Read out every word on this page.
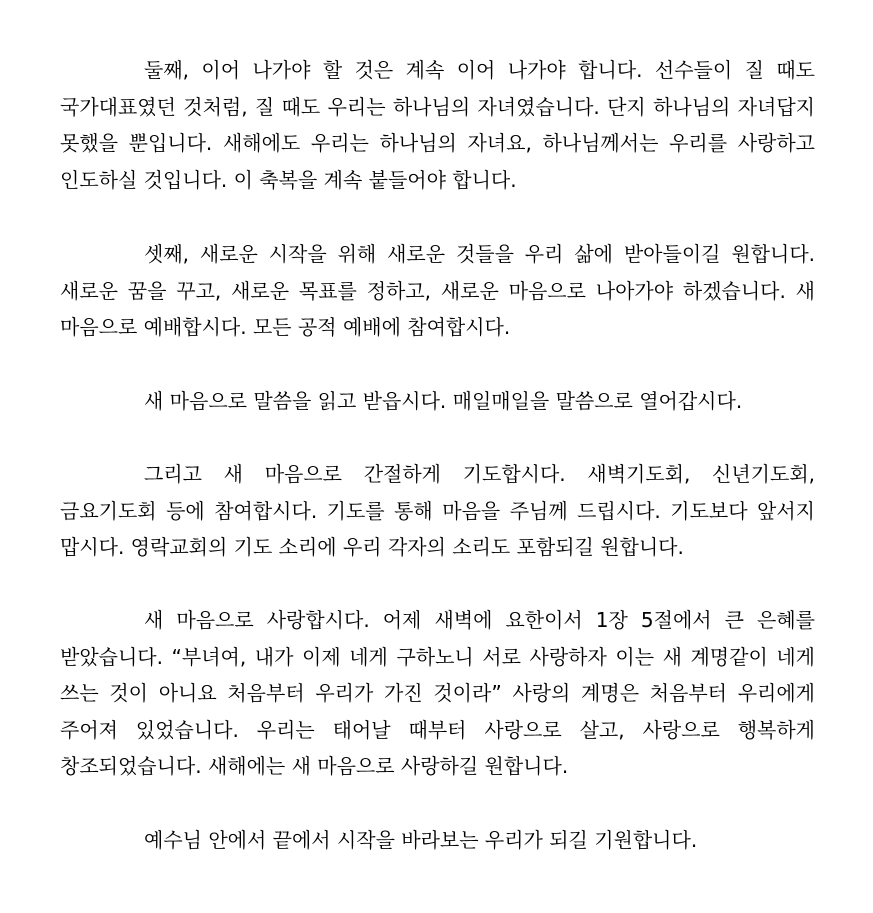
둘째, 이어 나가야 할 것은 계속 이어 나가야 합니다. 선수들이 질 때도 국가대표였던 것처럼, 질 때도 우리는 하나님의 자녀였습니다. 단지 하나님의 자녀답지 못했을 뿐입니다. 새해에도 우리는 하나님의 자녀요, 하나님께서는 우리를 사랑하고 인도하실 것입니다. 이 축복을 계속 붙들어야 합니다.

셋째, 새로운 시작을 위해 새로운 것들을 우리 삶에 받아들이길 원합니다. 새로운 꿈을 꾸고, 새로운 목표를 정하고, 새로운 마음으로 나아가야 하겠습니다. 새 마음으로 예배합시다. 모든 공적 예배에 참여합시다.

새 마음으로 말씀을 읽고 받읍시다. 매일매일을 말씀으로 열어갑시다.

그리고 새 마음으로 간절하게 기도합시다. 새벽기도회, 신년기도회, 금요기도회 등에 참여합시다. 기도를 통해 마음을 주님께 드립시다. 기도보다 앞서지 맙시다. 영락교회의 기도 소리에 우리 각자의 소리도 포함되길 원합니다.

새 마음으로 사랑합시다. 어제 새벽에 요한이서 1장 5절에서 큰 은혜를 받았습니다. “부녀여, 내가 이제 네게 구하노니 서로 사랑하자 이는 새 계명같이 네게 쓰는 것이 아니요 처음부터 우리가 가진 것이라” 사랑의 계명은 처음부터 우리에게 주어져 있었습니다. 우리는 태어날 때부터 사랑으로 살고, 사랑으로 행복하게 창조되었습니다. 새해에는 새 마음으로 사랑하길 원합니다.

예수님 안에서 끝에서 시작을 바라보는 우리가 되길 기원합니다.
